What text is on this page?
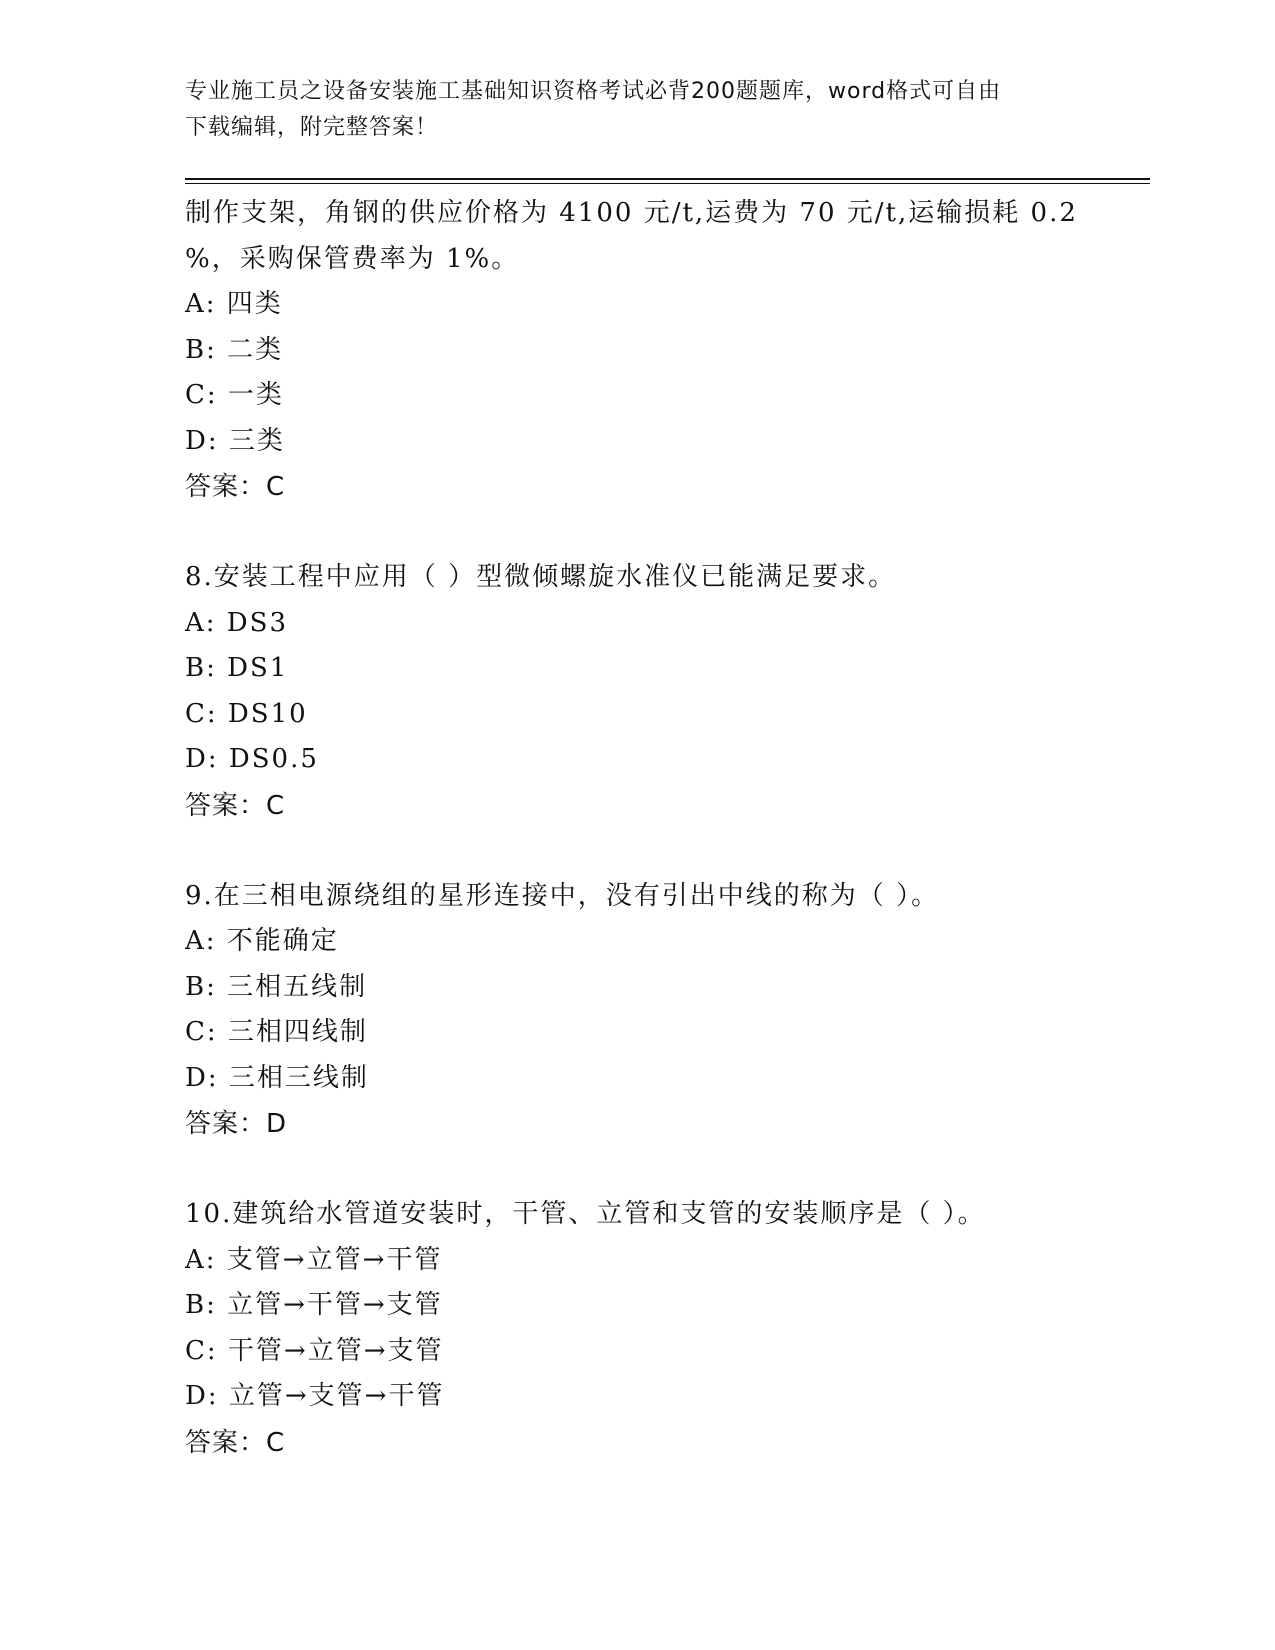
专业施工员之设备安装施工基础知识资格考试必背200题题库，word格式可自由
下载编辑，附完整答案！
制作支架，角钢的供应价格为 4100 元/t,运费为 70 元/t,运输损耗 0.2
%，采购保管费率为 1%。
A: 四类
B: 二类
C: 一类
D: 三类
答案：C
8.安装工程中应用（ ）型微倾螺旋水准仪已能满足要求。
A: DS3
B: DS1
C: DS10
D: DS0.5
答案：C
9.在三相电源绕组的星形连接中，没有引出中线的称为（ ）。
A: 不能确定
B: 三相五线制
C: 三相四线制
D: 三相三线制
答案：D
10.建筑给水管道安装时，干管、立管和支管的安装顺序是（ ）。
A: 支管→立管→干管
B: 立管→干管→支管
C: 干管→立管→支管
D: 立管→支管→干管
答案：C
